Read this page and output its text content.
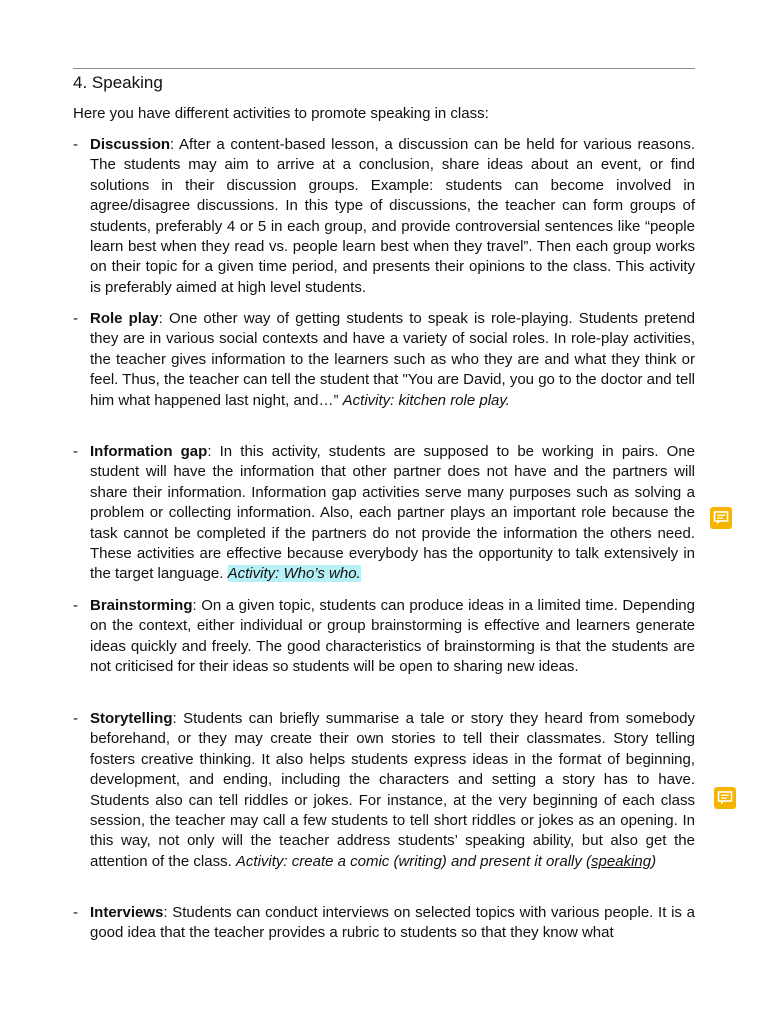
4. Speaking

Here you have different activities to promote speaking in class:

- Discussion: After a content-based lesson, a discussion can be held for various reasons. The students may aim to arrive at a conclusion, share ideas about an event, or find solutions in their discussion groups. Example: students can become involved in agree/disagree discussions. In this type of discussions, the teacher can form groups of students, preferably 4 or 5 in each group, and provide controversial sentences like “people learn best when they read vs. people learn best when they travel”. Then each group works on their topic for a given time period, and presents their opinions to the class. This activity is preferably aimed at high level students.
- Role play: One other way of getting students to speak is role-playing. Students pretend they are in various social contexts and have a variety of social roles. In role-play activities, the teacher gives information to the learners such as who they are and what they think or feel. Thus, the teacher can tell the student that "You are David, you go to the doctor and tell him what happened last night, and…” Activity: kitchen role play.
- Information gap: In this activity, students are supposed to be working in pairs. One student will have the information that other partner does not have and the partners will share their information. Information gap activities serve many purposes such as solving a problem or collecting information. Also, each partner plays an important role because the task cannot be completed if the partners do not provide the information the others need. These activities are effective because everybody has the opportunity to talk extensively in the target language. Activity: Who’s who.
- Brainstorming: On a given topic, students can produce ideas in a limited time. Depending on the context, either individual or group brainstorming is effective and learners generate ideas quickly and freely. The good characteristics of brainstorming is that the students are not criticised for their ideas so students will be open to sharing new ideas.
- Storytelling: Students can briefly summarise a tale or story they heard from somebody beforehand, or they may create their own stories to tell their classmates. Story telling fosters creative thinking. It also helps students express ideas in the format of beginning, development, and ending, including the characters and setting a story has to have. Students also can tell riddles or jokes. For instance, at the very beginning of each class session, the teacher may call a few students to tell short riddles or jokes as an opening. In this way, not only will the teacher address students’ speaking ability, but also get the attention of the class. Activity: create a comic (writing) and present it orally (speaking)
- Interviews: Students can conduct interviews on selected topics with various people. It is a good idea that the teacher provides a rubric to students so that they know what
